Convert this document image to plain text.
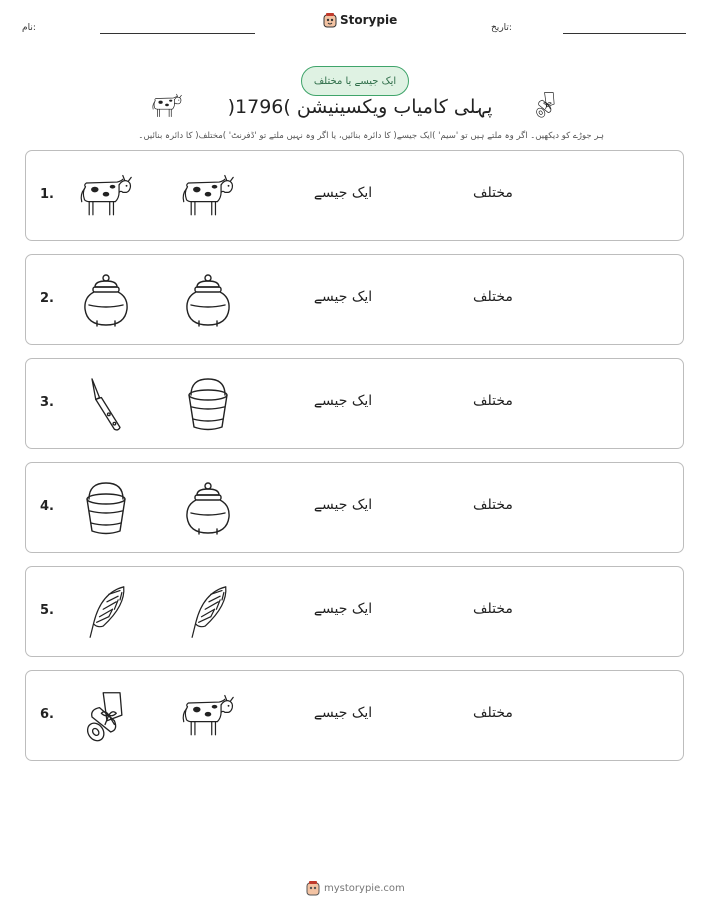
نام:
Storypie
تاریخ:
ایک جیسے یا مختلف
پہلی کامیاب ویکسینیشن )1796(
ہر جوڑے کو دیکھیں۔ اگر وہ ملتے ہیں تو 'سیم' )ایک جیسے( کا دائرہ بنائیں، یا اگر وہ نہیں ملتے تو 'ڈفرنٹ' )مختلف( کا دائرہ بنائیں۔
1.	ایک جیسے	مختلف
2.	ایک جیسے	مختلف
3.	ایک جیسے	مختلف
4.	ایک جیسے	مختلف
5.	ایک جیسے	مختلف
6.	ایک جیسے	مختلف
mystorypie.com
